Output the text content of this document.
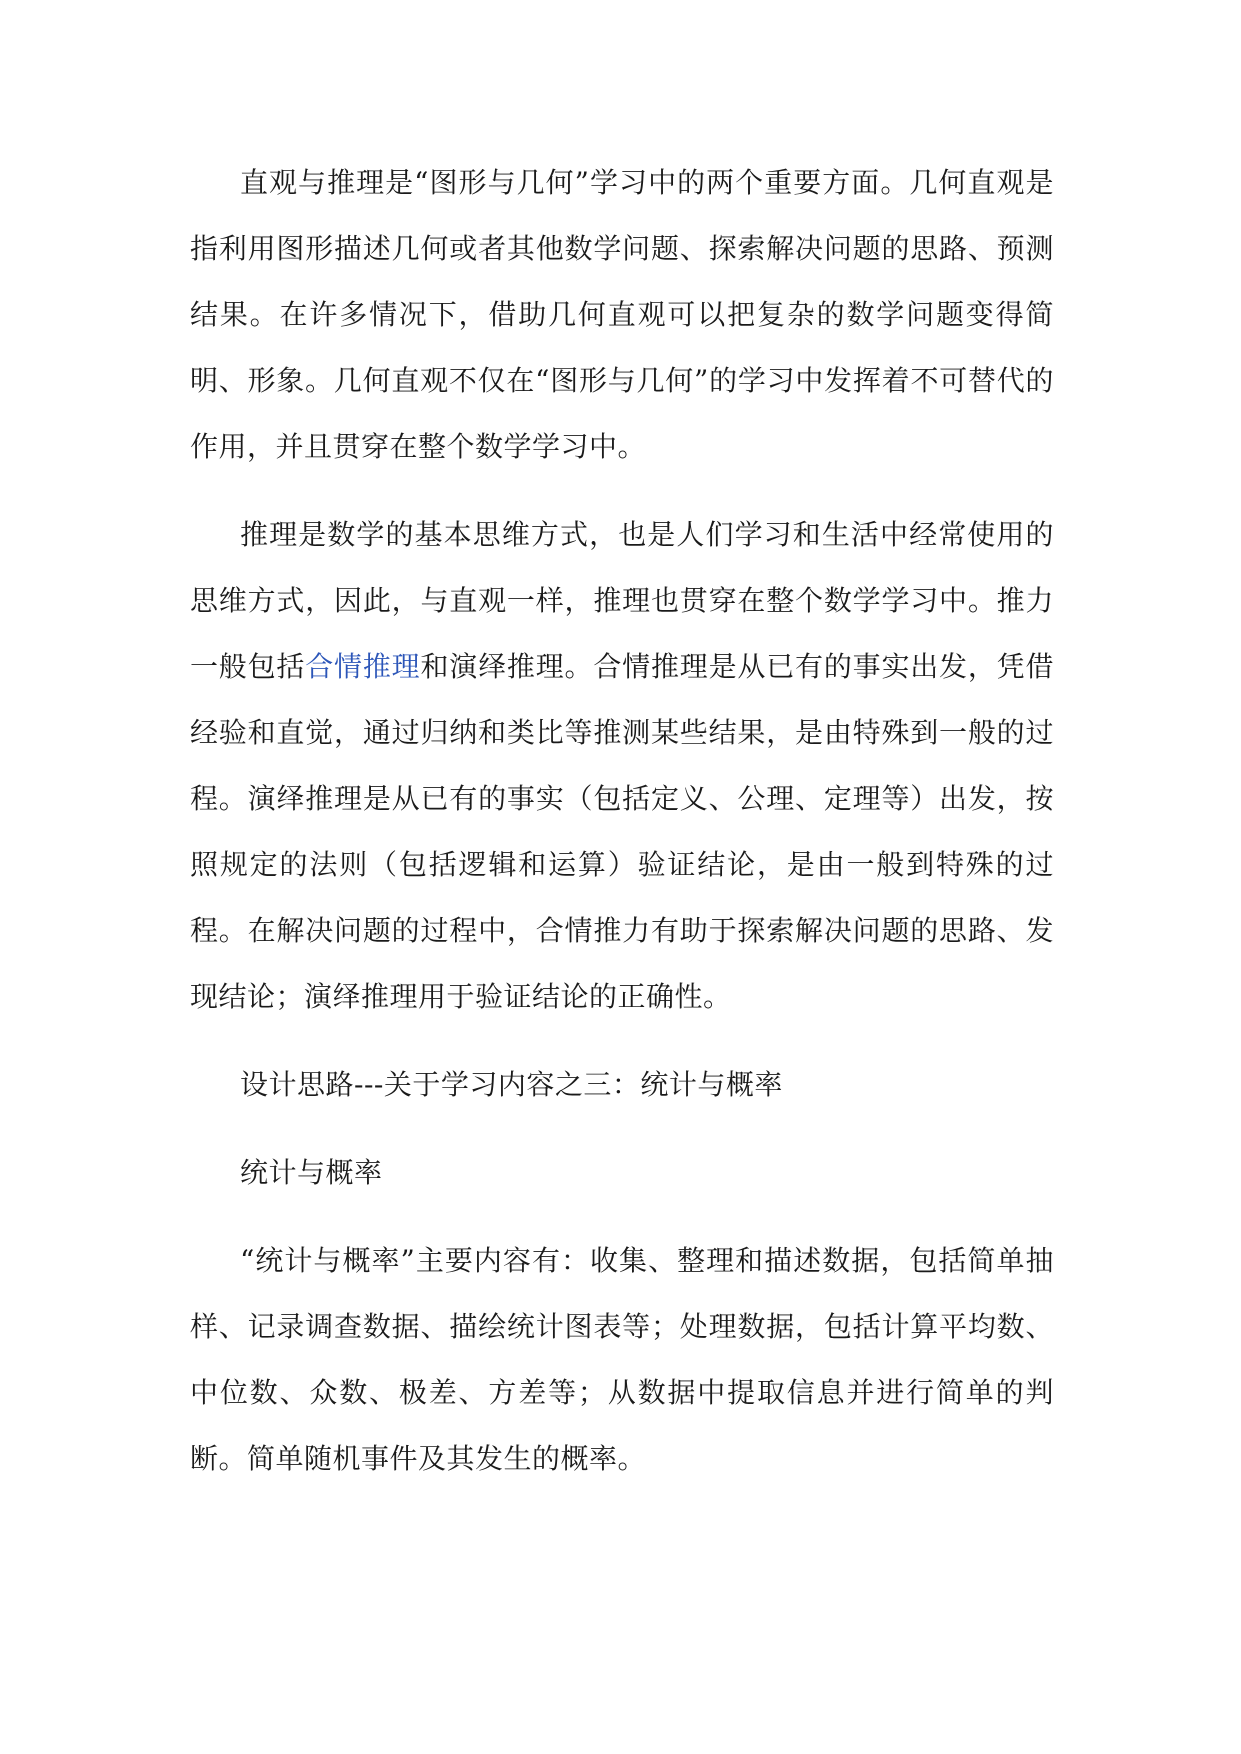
直观与推理是“图形与几何”学习中的两个重要方面。几何直观是指利用图形描述几何或者其他数学问题、探索解决问题的思路、预测结果。在许多情况下，借助几何直观可以把复杂的数学问题变得简明、形象。几何直观不仅在“图形与几何”的学习中发挥着不可替代的作用，并且贯穿在整个数学学习中。

推理是数学的基本思维方式，也是人们学习和生活中经常使用的思维方式，因此，与直观一样，推理也贯穿在整个数学学习中。推力一般包括合情推理和演绎推理。合情推理是从已有的事实出发，凭借经验和直觉，通过归纳和类比等推测某些结果，是由特殊到一般的过程。演绎推理是从已有的事实（包括定义、公理、定理等）出发，按照规定的法则（包括逻辑和运算）验证结论，是由一般到特殊的过程。在解决问题的过程中，合情推力有助于探索解决问题的思路、发现结论；演绎推理用于验证结论的正确性。

设计思路---关于学习内容之三：统计与概率

统计与概率

“统计与概率”主要内容有：收集、整理和描述数据，包括简单抽样、记录调查数据、描绘统计图表等；处理数据，包括计算平均数、中位数、众数、极差、方差等；从数据中提取信息并进行简单的判断。简单随机事件及其发生的概率。
